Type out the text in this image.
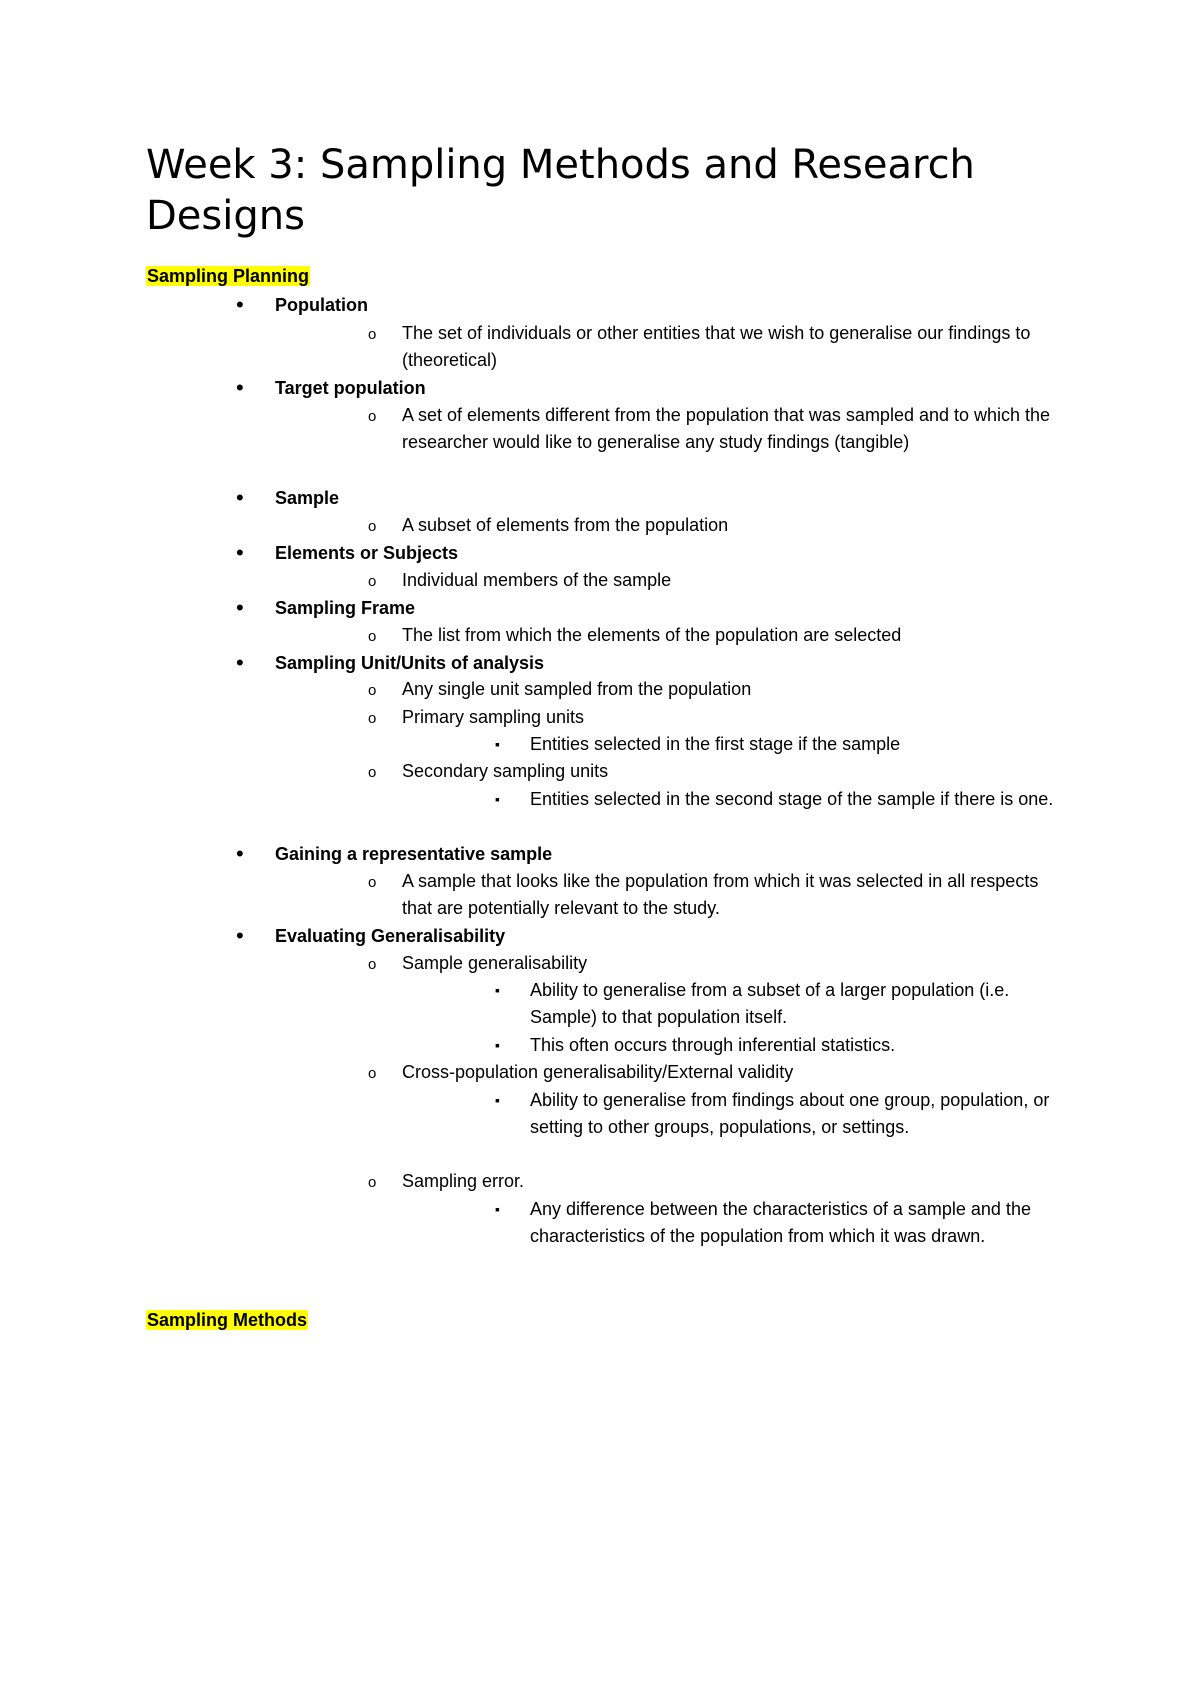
Week 3: Sampling Methods and Research Designs
Sampling Planning
•
Population
o
The set of individuals or other entities that we wish to generalise our findings to (theoretical)
•
Target population
o
A set of elements different from the population that was sampled and to which the researcher would like to generalise any study findings (tangible)
•
Sample
o
A subset of elements from the population
•
Elements or Subjects
o
Individual members of the sample
•
Sampling Frame
o
The list from which the elements of the population are selected
•
Sampling Unit/Units of analysis
o
Any single unit sampled from the population
o
Primary sampling units
▪
Entities selected in the first stage if the sample
o
Secondary sampling units
▪
Entities selected in the second stage of the sample if there is one.
•
Gaining a representative sample
o
A sample that looks like the population from which it was selected in all respects that are potentially relevant to the study.
•
Evaluating Generalisability
o
Sample generalisability
▪
Ability to generalise from a subset of a larger population (i.e. Sample) to that population itself.
▪
This often occurs through inferential statistics.
o
Cross-population generalisability/External validity
▪
Ability to generalise from findings about one group, population, or setting to other groups, populations, or settings.
o
Sampling error.
▪
Any difference between the characteristics of a sample and the characteristics of the population from which it was drawn.
Sampling Methods
